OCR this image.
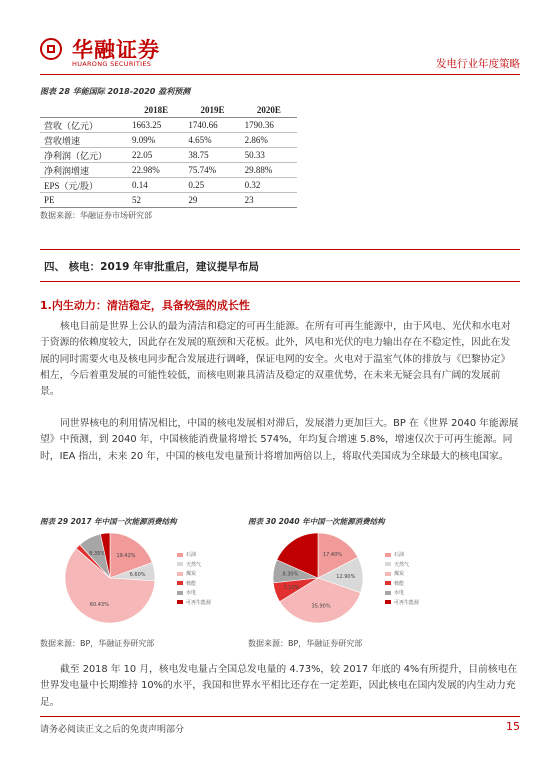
华融证券
HUARONG SECURITIES	发电行业年度策略
图表 28 华能国际 2018-2020 盈利预测
	2018E	2019E	2020E
营收（亿元）	1663.25	1740.66	1790.36
营收增速	9.09%	4.65%	2.86%
净利润（亿元）	22.05	38.75	50.33
净利润增速	22.98%	75.74%	29.88%
EPS（元/股）	0.14	0.25	0.32
PE	52	29	23
数据来源：华融证券市场研究部
四、 核电：2019 年审批重启，建议提早布局
1.内生动力：清洁稳定，具备较强的成长性

核电目前是世界上公认的最为清洁和稳定的可再生能源。在所有可再生能源中，由于风电、光伏和水电对于资源的依赖度较大，因此存在发展的瓶颈和天花板。此外，风电和光伏的电力输出存在不稳定性，因此在发展的同时需要火电及核电同步配合发展进行调峰，保证电网的安全。火电对于温室气体的排放与《巴黎协定》相左，今后着重发展的可能性较低，而核电则兼具清洁及稳定的双重优势，在未来无疑会具有广阔的发展前景。

同世界核电的利用情况相比，中国的核电发展相对滞后，发展潜力更加巨大。BP 在《世界 2040 年能源展望》中预测，到 2040 年，中国核能消费量将增长 574%，年均复合增速 5.8%，增速仅次于可再生能源。同时，IEA 指出，未来 20 年，中国的核电发电量预计将增加两倍以上，将取代美国成为全球最大的核电国家。

图表 29 2017 年中国一次能源消费结构
19.42%
6.60%
60.43%
8.35%	石油
天然气
煤炭
核能
水电
可再生能源
数据来源：BP，华融证券研究部
图表 30 2040 年中国一次能源消费结构
17.40%
12.90%
35.90%
7.10%
8.30%
石油
天然气
煤炭
核能
水电
可再生能源
数据来源：BP，华融证券研究部

截至 2018 年 10 月，核电发电量占全国总发电量的 4.73%，较 2017 年底的 4%有所提升，目前核电在世界发电量中长期维持 10%的水平，我国和世界水平相比还存在一定差距，因此核电在国内发展的内生动力充足。

请务必阅读正文之后的免责声明部分	15
